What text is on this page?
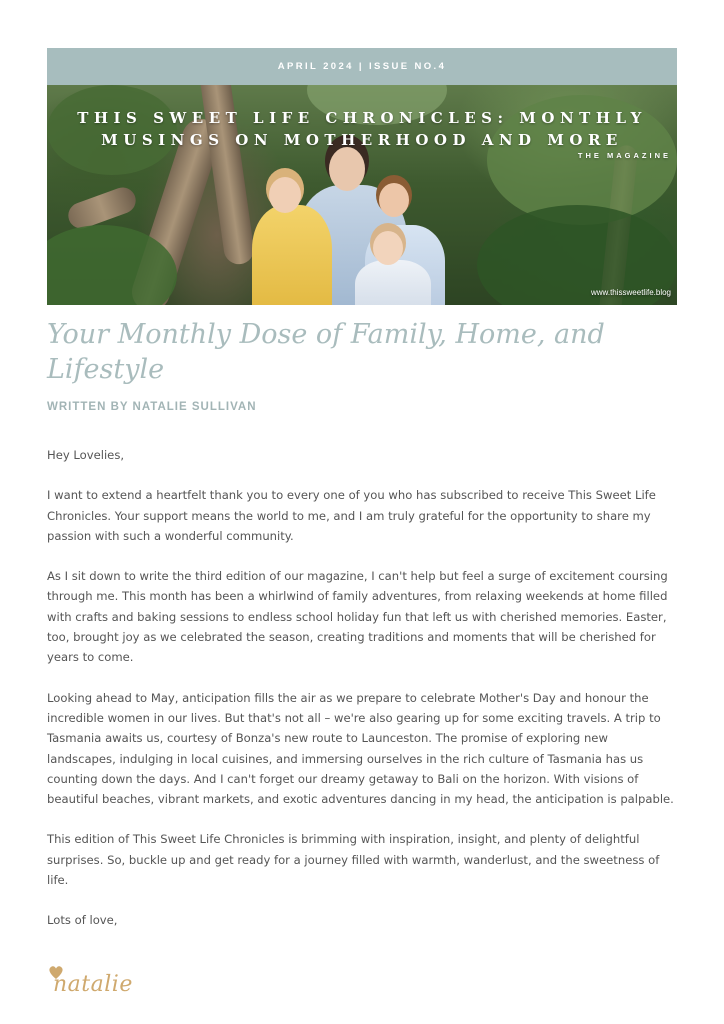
APRIL 2024 | ISSUE NO.4
THIS SWEET LIFE CHRONICLES: MONTHLY
MUSINGS ON MOTHERHOOD AND MORE
THE MAGAZINE
www.thissweetlife.blog
Your Monthly Dose of Family, Home, and Lifestyle
WRITTEN BY NATALIE SULLIVAN

Hey Lovelies,

I want to extend a heartfelt thank you to every one of you who has subscribed to receive This Sweet Life Chronicles. Your support means the world to me, and I am truly grateful for the opportunity to share my passion with such a wonderful community.

As I sit down to write the third edition of our magazine, I can't help but feel a surge of excitement coursing through me. This month has been a whirlwind of family adventures, from relaxing weekends at home filled with crafts and baking sessions to endless school holiday fun that left us with cherished memories. Easter, too, brought joy as we celebrated the season, creating traditions and moments that will be cherished for years to come.

Looking ahead to May, anticipation fills the air as we prepare to celebrate Mother's Day and honour the incredible women in our lives. But that's not all – we're also gearing up for some exciting travels. A trip to Tasmania awaits us, courtesy of Bonza's new route to Launceston. The promise of exploring new landscapes, indulging in local cuisines, and immersing ourselves in the rich culture of Tasmania has us counting down the days. And I can't forget our dreamy getaway to Bali on the horizon. With visions of beautiful beaches, vibrant markets, and exotic adventures dancing in my head, the anticipation is palpable.

This edition of This Sweet Life Chronicles is brimming with inspiration, insight, and plenty of delightful surprises. So, buckle up and get ready for a journey filled with warmth, wanderlust, and the sweetness of life.

Lots of love,

natalie
